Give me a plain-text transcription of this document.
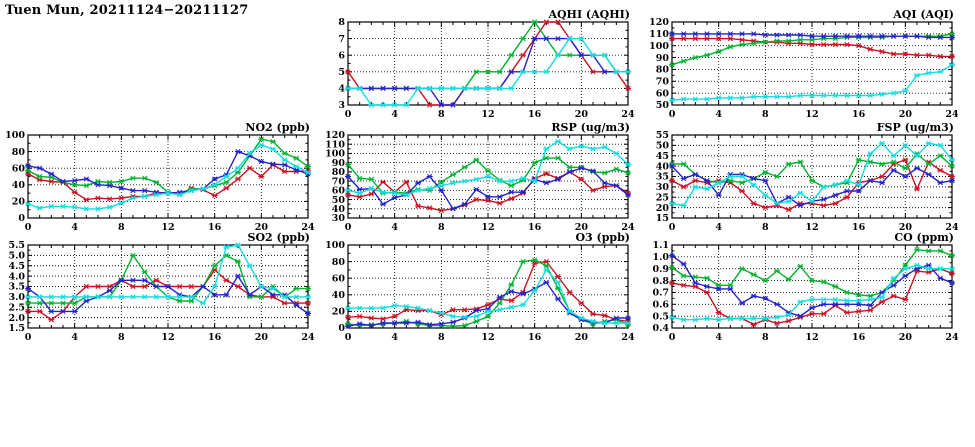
Tuen Mun, 20211124−20211127
3
4
5
6
7
8
0	4	8	12	16	20	24
AQHI (AQHI)
50
60
70
80
90
100
110
120
0	4	8	12	16	20	24
AQI (AQI)
0
20
40
60
80
100
0	4	8	12	16	20	24
NO2 (ppb)
30
40
50
60
70
80
90
100
110
120
0	4	8	12	16	20	24
RSP (ug/m3)
15
20
25
30
35
40
45
50
55
0	4	8	12	16	20	24
FSP (ug/m3)
1.5
2.0
2.5
3.0
3.5
4.0
4.5
5.0
5.5
0	4	8	12	16	20	24
SO2 (ppb)
0
20
40
60
80
100
0	4	8	12	16	20	24
O3 (ppb)
0.4
0.5
0.6
0.7
0.8
0.9
1.0
1.1
0	4	8	12	16	20	24
CO (ppm)
